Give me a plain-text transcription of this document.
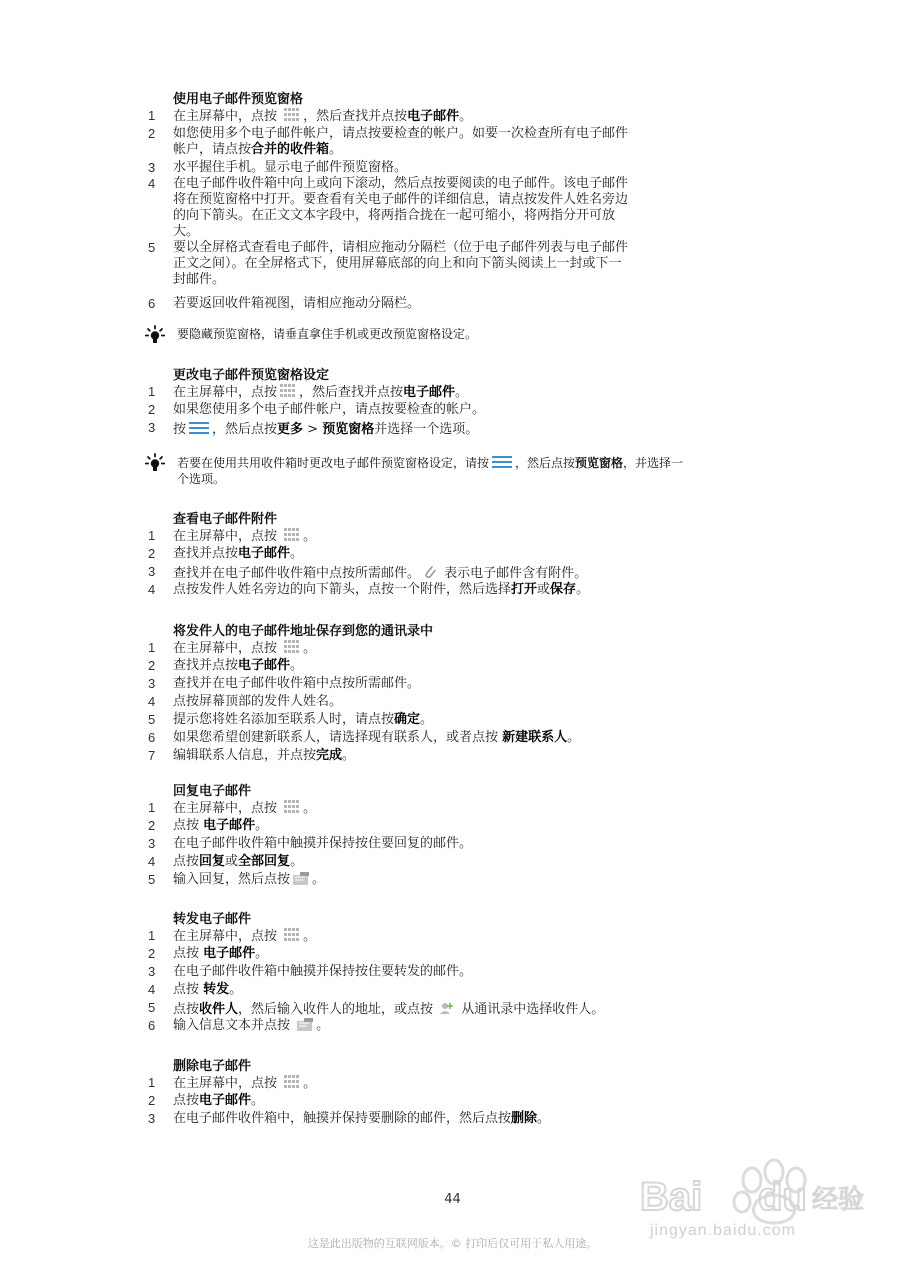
使用电子邮件预览窗格
1	在主屏幕中，点按 ，然后查找并点按电子邮件。
2	如您使用多个电子邮件帐户，请点按要检查的帐户。如要一次检查所有电子邮件
帐户，请点按合并的收件箱。
3	水平握住手机。显示电子邮件预览窗格。
4	在电子邮件收件箱中向上或向下滚动，然后点按要阅读的电子邮件。该电子邮件
将在预览窗格中打开。要查看有关电子邮件的详细信息，请点按发件人姓名旁边
的向下箭头。在正文文本字段中，将两指合拢在一起可缩小，将两指分开可放
大。
5	要以全屏格式查看电子邮件，请相应拖动分隔栏（位于电子邮件列表与电子邮件
正文之间）。在全屏格式下，使用屏幕底部的向上和向下箭头阅读上一封或下一
封邮件。
6	若要返回收件箱视图，请相应拖动分隔栏。
要隐藏预览窗格，请垂直拿住手机或更改预览窗格设定。
更改电子邮件预览窗格设定
1	在主屏幕中，点按 ，然后查找并点按电子邮件。
2	如果您使用多个电子邮件帐户，请点按要检查的帐户。
3	按 ，然后点按更多 > 预览窗格并选择一个选项。
若要在使用共用收件箱时更改电子邮件预览窗格设定，请按 ，然后点按预览窗格，并选择一
个选项。
查看电子邮件附件
1	在主屏幕中，点按 。
2	查找并点按电子邮件。
3	查找并在电子邮件收件箱中点按所需邮件。 表示电子邮件含有附件。
4	点按发件人姓名旁边的向下箭头，点按一个附件，然后选择打开或保存。
将发件人的电子邮件地址保存到您的通讯录中
1	在主屏幕中，点按 。
2	查找并点按电子邮件。
3	查找并在电子邮件收件箱中点按所需邮件。
4	点按屏幕顶部的发件人姓名。
5	提示您将姓名添加至联系人时，请点按确定。
6	如果您希望创建新联系人，请选择现有联系人，或者点按 新建联系人。
7	编辑联系人信息，并点按完成。
回复电子邮件
1	在主屏幕中，点按 。
2	点按 电子邮件。
3	在电子邮件收件箱中触摸并保持按住要回复的邮件。
4	点按回复或全部回复。
5	输入回复，然后点按 。
转发电子邮件
1	在主屏幕中，点按 。
2	点按 电子邮件。
3	在电子邮件收件箱中触摸并保持按住要转发的邮件。
4	点按 转发。
5	点按收件人，然后输入收件人的地址，或点按  从通讯录中选择收件人。
6	输入信息文本并点按 。
删除电子邮件
1	在主屏幕中，点按 。
2	点按电子邮件。
3	在电子邮件收件箱中，触摸并保持要删除的邮件，然后点按删除。
44
这是此出版物的互联网版本。© 打印后仅可用于私人用途。
Bai du 经验
jingyan.baidu.com
